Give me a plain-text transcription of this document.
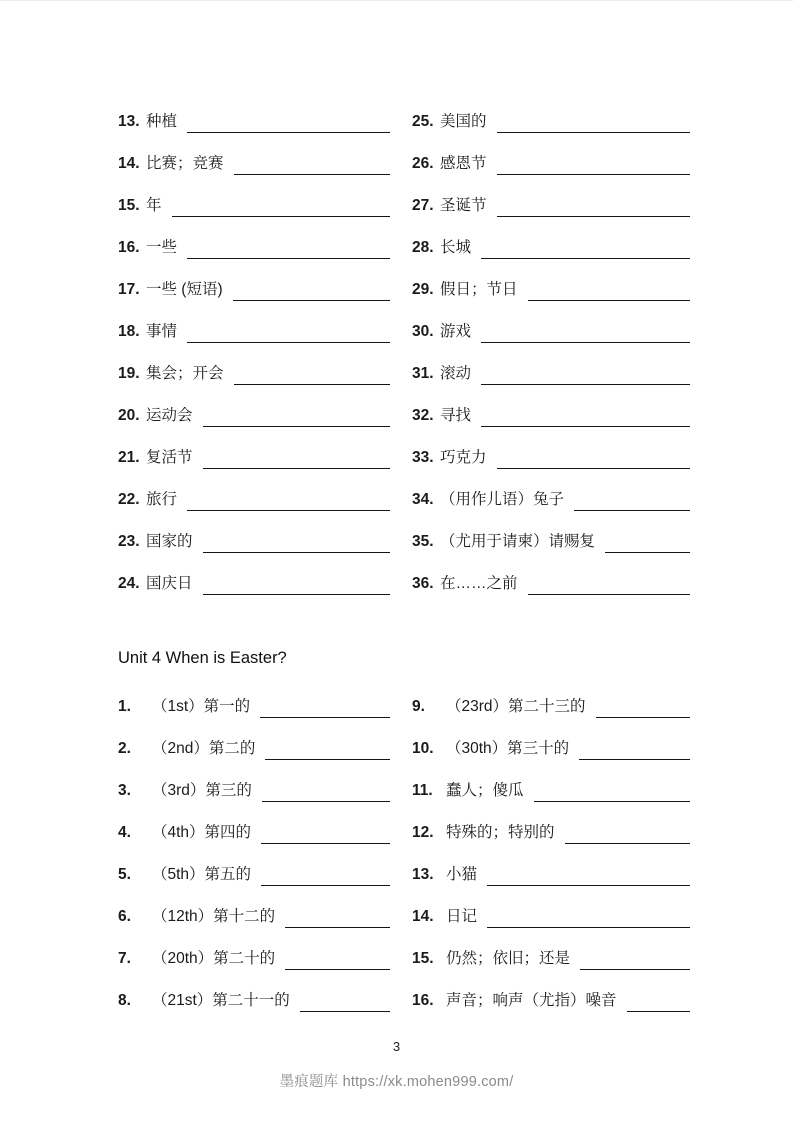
13. 种植
14. 比赛；竞赛
15. 年
16. 一些
17. 一些 (短语)
18. 事情
19. 集会；开会
20. 运动会
21. 复活节
22. 旅行
23. 国家的
24. 国庆日
25. 美国的
26. 感恩节
27. 圣诞节
28. 长城
29. 假日；节日
30. 游戏
31. 滚动
32. 寻找
33. 巧克力
34. （用作儿语）兔子
35. （尤用于请柬）请赐复
36. 在……之前
Unit 4 When is Easter?
1.	（1st）第一的
2.	（2nd）第二的
3.	（3rd）第三的
4.	（4th）第四的
5.	（5th）第五的
6.	（12th）第十二的
7.	（20th）第二十的
8.	（21st）第二十一的
9.	（23rd）第二十三的
10. （30th）第三十的
11. 蠢人；傻瓜
12. 特殊的；特别的
13. 小猫
14. 日记
15. 仍然；依旧；还是
16. 声音；响声（尤指）噪音
3
墨痕题库 https://xk.mohen999.com/
